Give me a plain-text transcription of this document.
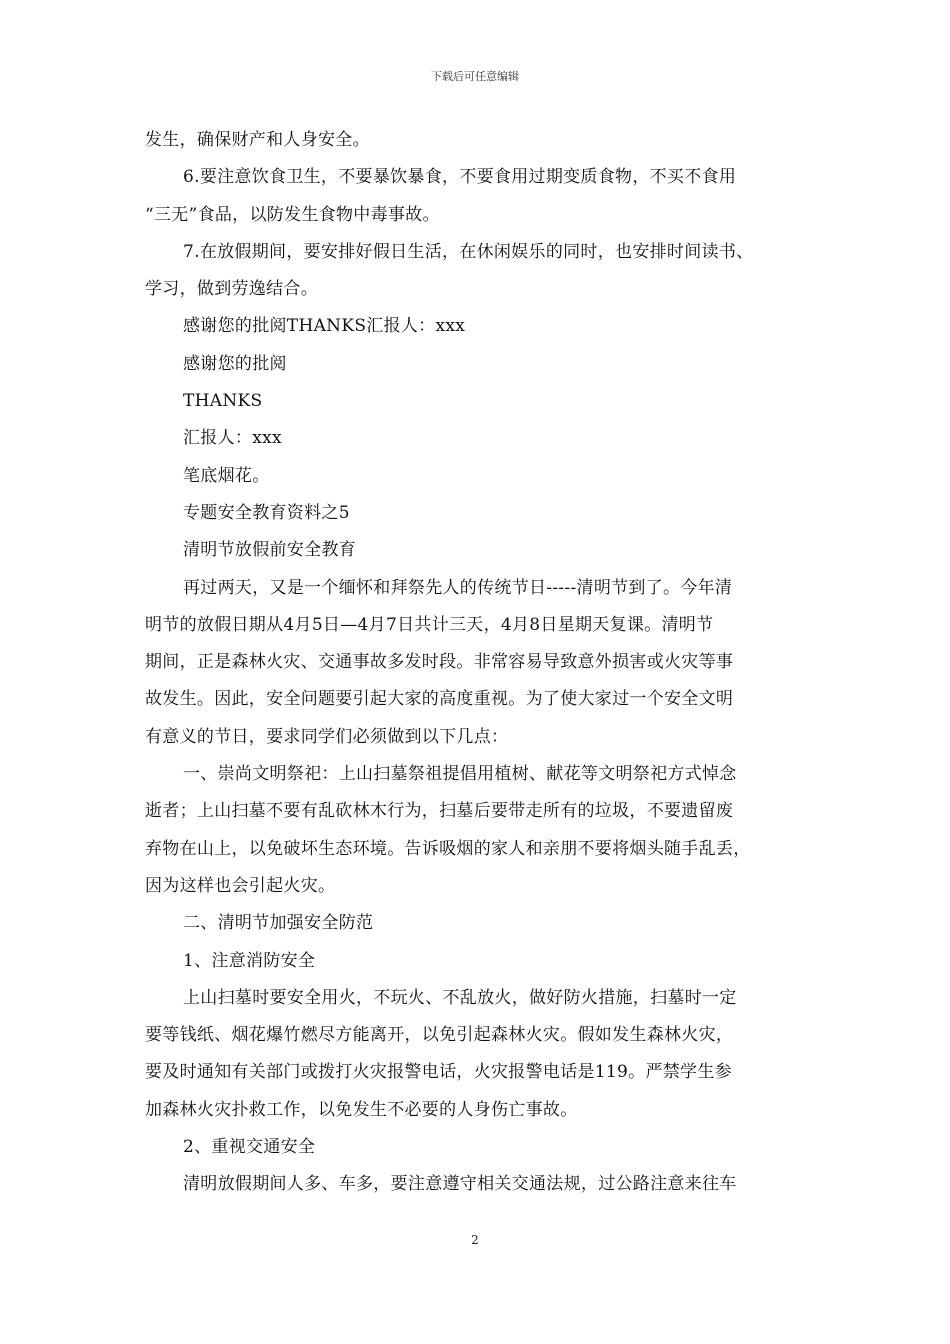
下载后可任意编辑
发生，确保财产和人身安全。
6.要注意饮食卫生，不要暴饮暴食，不要食用过期变质食物，不买不食用
“三无”食品，以防发生食物中毒事故。
7.在放假期间，要安排好假日生活，在休闲娱乐的同时，也安排时间读书、
学习，做到劳逸结合。
感谢您的批阅THANKS汇报人：xxx
感谢您的批阅
THANKS
汇报人：xxx
笔底烟花。
专题安全教育资料之5
清明节放假前安全教育
再过两天，又是一个缅怀和拜祭先人的传统节日-----清明节到了。今年清
明节的放假日期从4月5日—4月7日共计三天，4月8日星期天复课。清明节
期间，正是森林火灾、交通事故多发时段。非常容易导致意外损害或火灾等事
故发生。因此，安全问题要引起大家的高度重视。为了使大家过一个安全文明
有意义的节日，要求同学们必须做到以下几点：
一、崇尚文明祭祀：上山扫墓祭祖提倡用植树、献花等文明祭祀方式悼念
逝者；上山扫墓不要有乱砍林木行为，扫墓后要带走所有的垃圾，不要遗留废
弃物在山上，以免破坏生态环境。告诉吸烟的家人和亲朋不要将烟头随手乱丢，
因为这样也会引起火灾。
二、清明节加强安全防范
1、注意消防安全
上山扫墓时要安全用火，不玩火、不乱放火，做好防火措施，扫墓时一定
要等钱纸、烟花爆竹燃尽方能离开，以免引起森林火灾。假如发生森林火灾，
要及时通知有关部门或拨打火灾报警电话，火灾报警电话是119。严禁学生参
加森林火灾扑救工作，以免发生不必要的人身伤亡事故。
2、重视交通安全
清明放假期间人多、车多，要注意遵守相关交通法规，过公路注意来往车
2
